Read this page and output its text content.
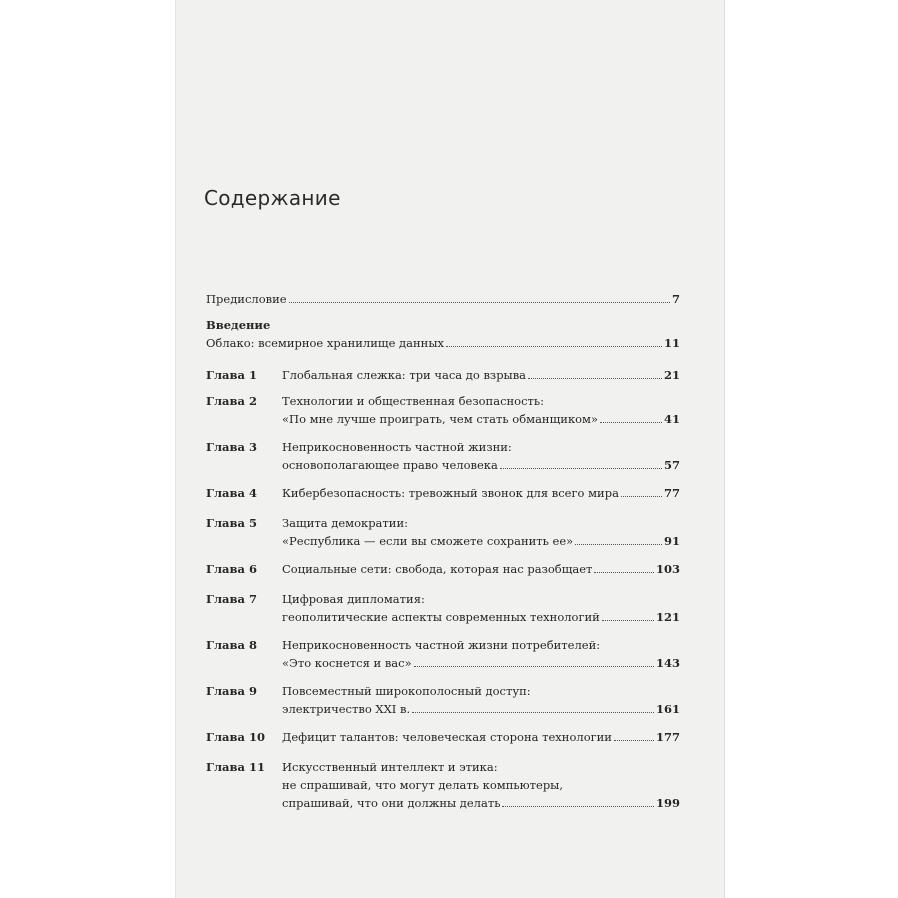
Содержание
Предисловие	7
Введение
Облако: всемирное хранилище данных	11
Глава 1	Глобальная слежка: три часа до взрыва	21
Глава 2	Технологии и общественная безопасность:
«По мне лучше проиграть, чем стать обманщиком»	41
Глава 3	Неприкосновенность частной жизни:
основополагающее право человека	57
Глава 4	Кибербезопасность: тревожный звонок для всего мира	77
Глава 5	Защита демократии:
«Республика — если вы сможете сохранить ее»	91
Глава 6	Социальные сети: свобода, которая нас разобщает	103
Глава 7	Цифровая дипломатия:
геополитические аспекты современных технологий	121
Глава 8	Неприкосновенность частной жизни потребителей:
«Это коснется и вас»	143
Глава 9	Повсеместный широкополосный доступ:
электричество XXI в.	161
Глава 10	Дефицит талантов: человеческая сторона технологии	177
Глава 11	Искусственный интеллект и этика:
не спрашивай, что могут делать компьютеры,
спрашивай, что они должны делать	199
